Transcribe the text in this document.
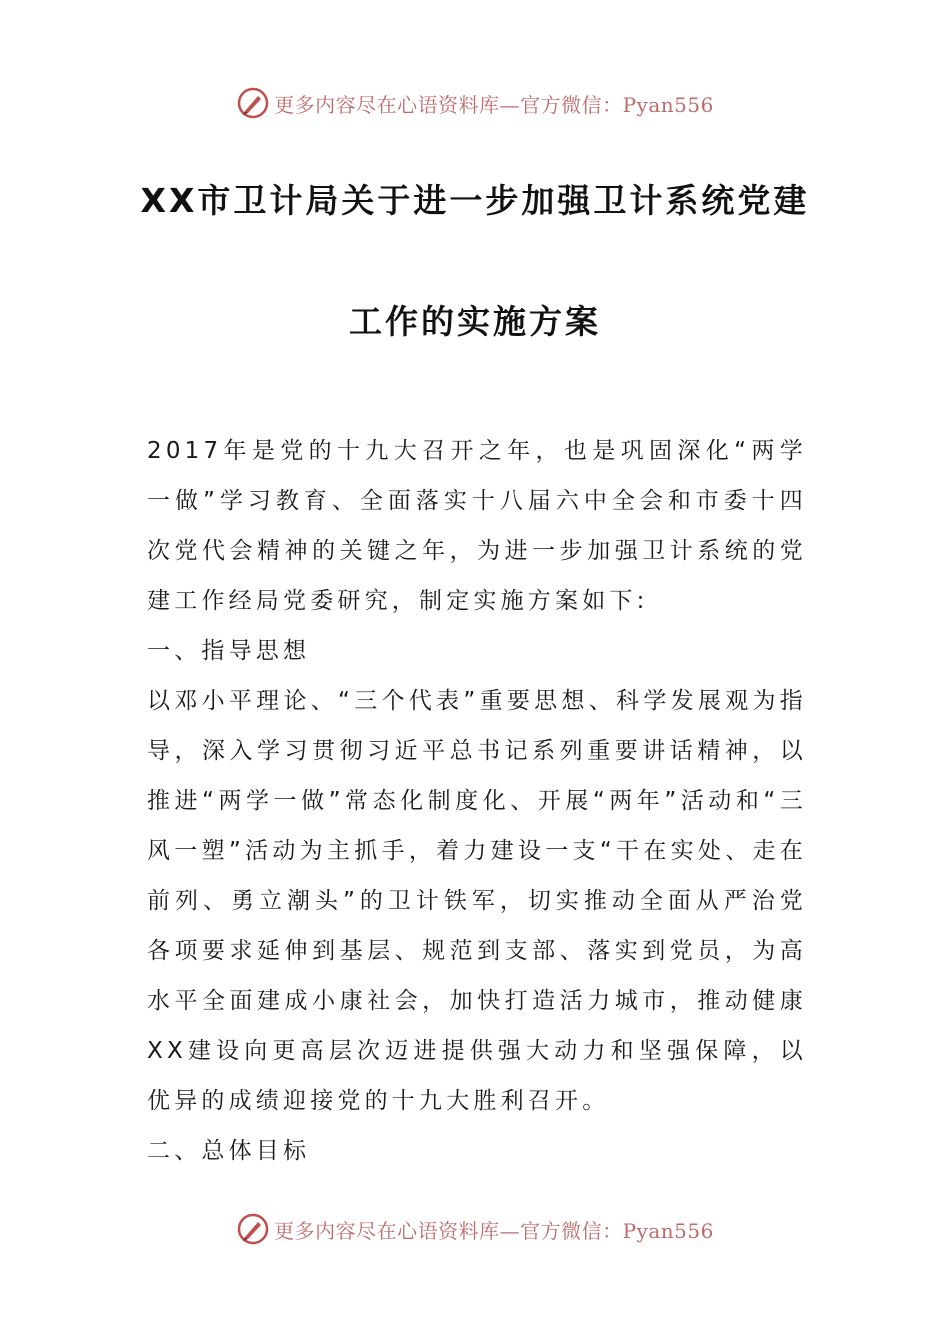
更多内容尽在心语资料库—官方微信：Pyan556
XX市卫计局关于进一步加强卫计系统党建
工作的实施方案

2017年是党的十九大召开之年，也是巩固深化“两学一做”学习教育、全面落实十八届六中全会和市委十四次党代会精神的关键之年，为进一步加强卫计系统的党建工作经局党委研究，制定实施方案如下:

一、指导思想

以邓小平理论、“三个代表”重要思想、科学发展观为指导，深入学习贯彻习近平总书记系列重要讲话精神，以推进“两学一做”常态化制度化、开展“两年”活动和“三风一塑”活动为主抓手，着力建设一支“干在实处、走在前列、勇立潮头”的卫计铁军，切实推动全面从严治党各项要求延伸到基层、规范到支部、落实到党员，为高水平全面建成小康社会，加快打造活力城市，推动健康XX建设向更高层次迈进提供强大动力和坚强保障，以优异的成绩迎接党的十九大胜利召开。

二、总体目标

更多内容尽在心语资料库—官方微信：Pyan556
